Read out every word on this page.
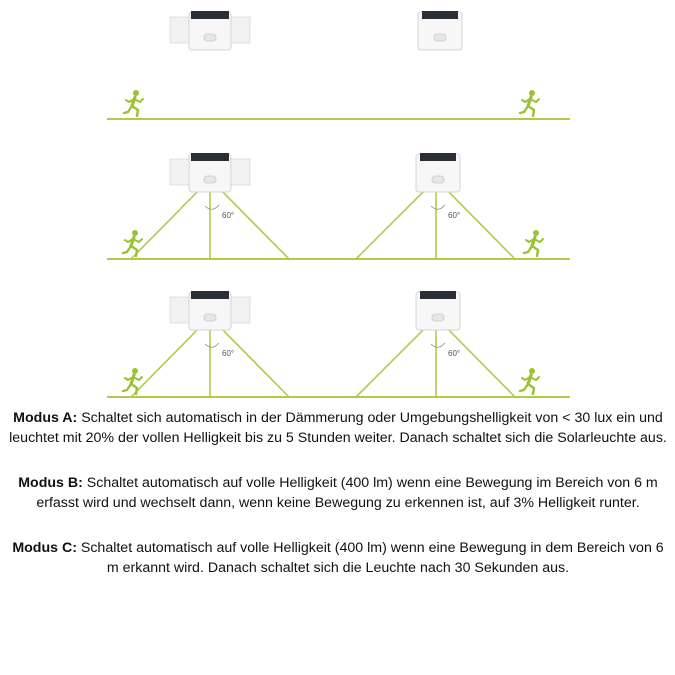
60°	60°
60°	60°

Modus A: Schaltet sich automatisch in der Dämmerung oder Umgebungshelligkeit von < 30 lux ein und leuchtet mit 20% der vollen Helligkeit bis zu 5 Stunden weiter. Danach schaltet sich die Solarleuchte aus.

Modus B: Schaltet automatisch auf volle Helligkeit (400 lm) wenn eine Bewegung im Bereich von 6 m erfasst wird und wechselt dann, wenn keine Bewegung zu erkennen ist, auf 3% Helligkeit runter.

Modus C: Schaltet automatisch auf volle Helligkeit (400 lm) wenn eine Bewegung in dem Bereich von 6 m erkannt wird. Danach schaltet sich die Leuchte nach 30 Sekunden aus.
